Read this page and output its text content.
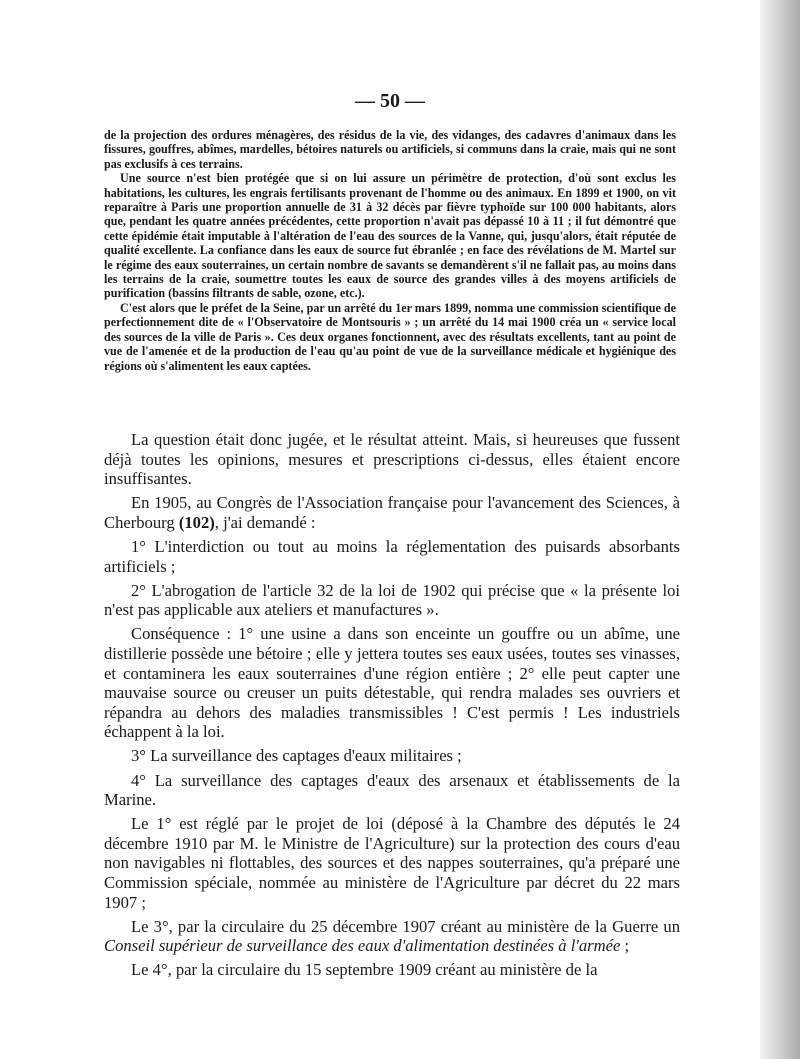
— 50 —

de la projection des ordures ménagères, des résidus de la vie, des vidanges, des cadavres d'animaux dans les fissures, gouffres, abîmes, mardelles, bétoires naturels ou artificiels, si communs dans la craie, mais qui ne sont pas exclusifs à ces terrains.

Une source n'est bien protégée que si on lui assure un périmètre de protection, d'où sont exclus les habitations, les cultures, les engrais fertilisants provenant de l'homme ou des animaux. En 1899 et 1900, on vit reparaître à Paris une proportion annuelle de 31 à 32 décès par fièvre typhoïde sur 100 000 habitants, alors que, pendant les quatre années précédentes, cette proportion n'avait pas dépassé 10 à 11 ; il fut démontré que cette épidémie était imputable à l'altération de l'eau des sources de la Vanne, qui, jusqu'alors, était réputée de qualité excellente. La confiance dans les eaux de source fut ébranlée ; en face des révélations de M. Martel sur le régime des eaux souterraines, un certain nombre de savants se demandèrent s'il ne fallait pas, au moins dans les terrains de la craie, soumettre toutes les eaux de source des grandes villes à des moyens artificiels de purification (bassins filtrants de sable, ozone, etc.).

C'est alors que le préfet de la Seine, par un arrêté du 1er mars 1899, nomma une commission scientifique de perfectionnement dite de « l'Observatoire de Montsouris » ; un arrêté du 14 mai 1900 créa un « service local des sources de la ville de Paris ». Ces deux organes fonctionnent, avec des résultats excellents, tant au point de vue de l'amenée et de la production de l'eau qu'au point de vue de la surveillance médicale et hygiénique des régions où s'alimentent les eaux captées.

La question était donc jugée, et le résultat atteint. Mais, si heureuses que fussent déjà toutes les opinions, mesures et prescriptions ci-dessus, elles étaient encore insuffisantes.

En 1905, au Congrès de l'Association française pour l'avancement des Sciences, à Cherbourg (102), j'ai demandé :

1° L'interdiction ou tout au moins la réglementation des puisards absorbants artificiels ;

2° L'abrogation de l'article 32 de la loi de 1902 qui précise que « la présente loi n'est pas applicable aux ateliers et manufactures ».

Conséquence : 1° une usine a dans son enceinte un gouffre ou un abîme, une distillerie possède une bétoire ; elle y jettera toutes ses eaux usées, toutes ses vinasses, et contaminera les eaux souterraines d'une région entière ; 2° elle peut capter une mauvaise source ou creuser un puits détestable, qui rendra malades ses ouvriers et répandra au dehors des maladies transmissibles ! C'est permis ! Les industriels échappent à la loi.

3° La surveillance des captages d'eaux militaires ;

4° La surveillance des captages d'eaux des arsenaux et établissements de la Marine.

Le 1° est réglé par le projet de loi (déposé à la Chambre des députés le 24 décembre 1910 par M. le Ministre de l'Agriculture) sur la protection des cours d'eau non navigables ni flottables, des sources et des nappes souterraines, qu'a préparé une Commission spéciale, nommée au ministère de l'Agriculture par décret du 22 mars 1907 ;

Le 3°, par la circulaire du 25 décembre 1907 créant au ministère de la Guerre un Conseil supérieur de surveillance des eaux d'alimentation destinées à l'armée ;

Le 4°, par la circulaire du 15 septembre 1909 créant au ministère de la
